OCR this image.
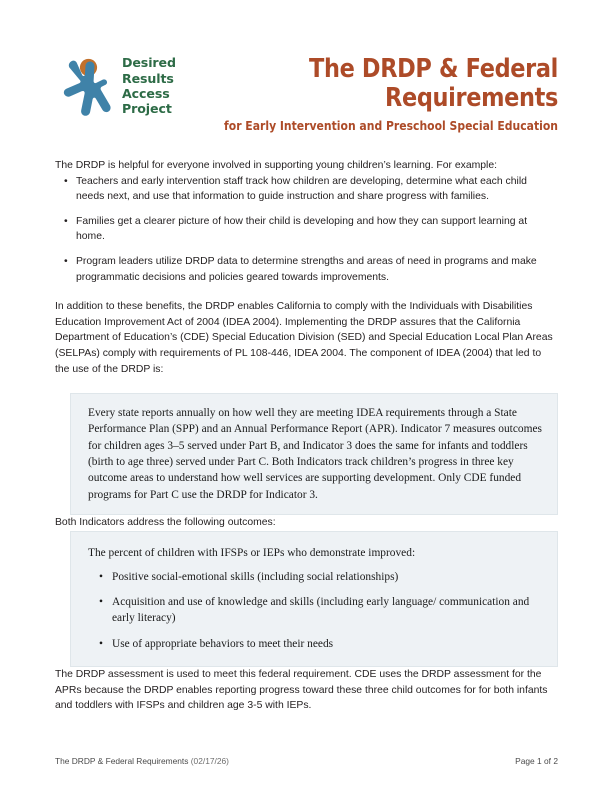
Desired
Results
Access
Project
The DRDP & Federal
Requirements
for Early Intervention and Preschool Special Education

The DRDP is helpful for everyone involved in supporting young children’s learning. For example:

• Teachers and early intervention staff track how children are developing, determine what each child needs next, and use that information to guide instruction and share progress with families.
• Families get a clearer picture of how their child is developing and how they can support learning at home.
• Program leaders utilize DRDP data to determine strengths and areas of need in programs and make programmatic decisions and policies geared towards improvements.

In addition to these benefits, the DRDP enables California to comply with the Individuals with Disabilities Education Improvement Act of 2004 (IDEA 2004). Implementing the DRDP assures that the California Department of Education’s (CDE) Special Education Division (SED) and Special Education Local Plan Areas (SELPAs) comply with requirements of PL 108-446, IDEA 2004. The component of IDEA (2004) that led to the use of the DRDP is:

Every state reports annually on how well they are meeting IDEA requirements through a State Performance Plan (SPP) and an Annual Performance Report (APR). Indicator 7 measures outcomes for children ages 3–5 served under Part B, and Indicator 3 does the same for infants and toddlers (birth to age three) served under Part C. Both Indicators track children’s progress in three key outcome areas to understand how well services are supporting development. Only CDE funded programs for Part C use the DRDP for Indicator 3.

Both Indicators address the following outcomes:

The percent of children with IFSPs or IEPs who demonstrate improved:

• Positive social-emotional skills (including social relationships)
• Acquisition and use of knowledge and skills (including early language/ communication and early literacy)
• Use of appropriate behaviors to meet their needs

The DRDP assessment is used to meet this federal requirement. CDE uses the DRDP assessment for the APRs because the DRDP enables reporting progress toward these three child outcomes for for both infants and toddlers with IFSPs and children age 3-5 with IEPs.

The DRDP & Federal Requirements (02/17/26)	Page 1 of 2
